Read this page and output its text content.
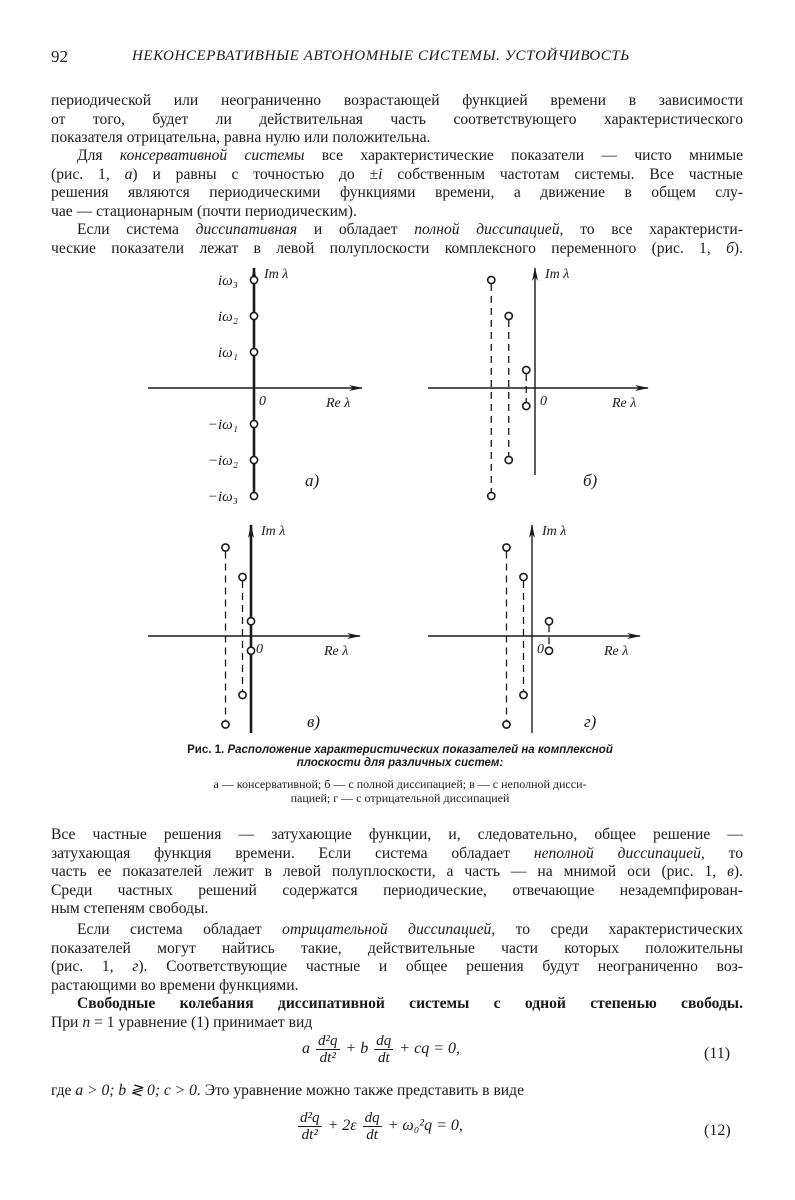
92	НЕКОНСЕРВАТИВНЫЕ АВТОНОМНЫЕ СИСТЕМЫ. УСТОЙЧИВОСТЬ
периодической или неограниченно возрастающей функцией времени в зависимости
от того, будет ли действительная часть соответствующего характеристического
показателя отрицательна, равна нулю или положительна.
Для консервативной системы все характеристические показатели — чисто мнимые
(рис. 1, а) и равны с точностью до ±i собственным частотам системы. Все частные
решения являются периодическими функциями времени, а движение в общем слу-
чае — стационарным (почти периодическим).
Если система диссипативная и обладает полной диссипацией, то все характеристи-
ческие показатели лежат в левой полуплоскости комплексного переменного (рис. 1, б).
Im λ
Re λ
0
а)
iω₃
iω₂
iω₁
−iω₁
−iω₂
−iω₃
Im λ
Re λ
0
б)
Im λ
Re λ
0
в)
Im λ
Re λ
0
г)
Рис. 1. Расположение характеристических показателей на комплексной
плоскости для различных систем:
а — консервативной; б — с полной диссипацией; в — с неполной дисси-
пацией; г — с отрицательной диссипацией
Все частные решения — затухающие функции, и, следовательно, общее решение —
затухающая функция времени. Если система обладает неполной диссипацией, то
часть ее показателей лежит в левой полуплоскости, а часть — на мнимой оси (рис. 1, в).
Среди частных решений содержатся периодические, отвечающие незадемпфирован-
ным степеням свободы.
Если система обладает отрицательной диссипацией, то среди характеристических
показателей могут найтись такие, действительные части которых положительны
(рис. 1, г). Соответствующие частные и общее решения будут неограниченно воз-
растающими во времени функциями.
Свободные колебания диссипативной системы с одной степенью свободы.
При n = 1 уравнение (1) принимает вид
a $\frac{\text{d²q}}{\text{dt²}} + b \frac{dq}{dt}$ + cq = 0,	(11)
где a > 0; b ≷ 0; c > 0. Это уравнение можно также представить в виде
$\frac{\text{d²q}}{\text{dt²}} + 2\varepsilon \frac{dq}{dt} + \omega_0^2q = 0$,	(12)
